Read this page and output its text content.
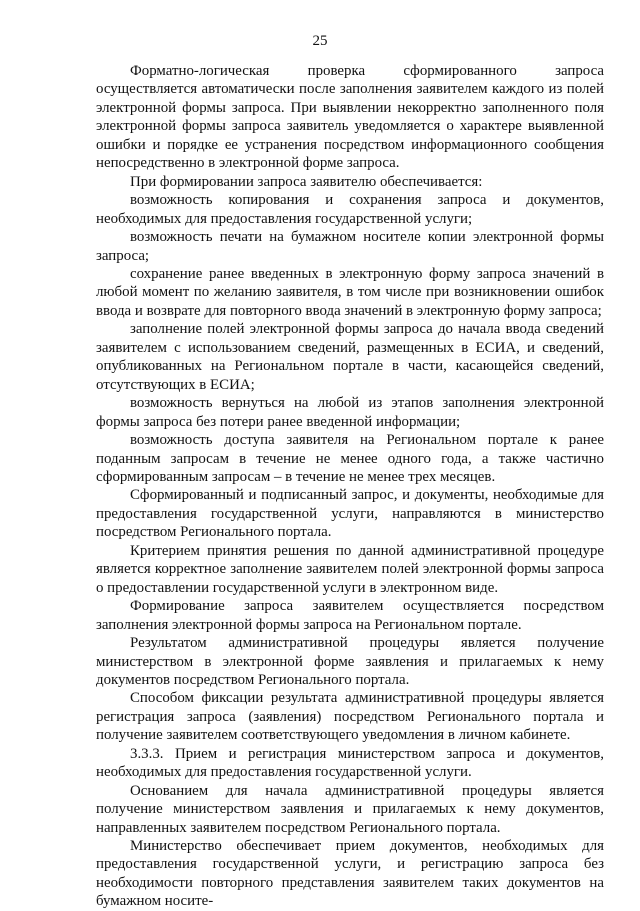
25

Форматно-логическая проверка сформированного запроса осуществляется автоматически после заполнения заявителем каждого из полей электронной формы запроса. При выявлении некорректно заполненного поля электронной формы запроса заявитель уведомляется о характере выявленной ошибки и порядке ее устранения посредством информационного сообщения непосредственно в электронной форме запроса.

При формировании запроса заявителю обеспечивается:

возможность копирования и сохранения запроса и документов, необходимых для предоставления государственной услуги;

возможность печати на бумажном носителе копии электронной формы запроса;

сохранение ранее введенных в электронную форму запроса значений в любой момент по желанию заявителя, в том числе при возникновении ошибок ввода и возврате для повторного ввода значений в электронную форму запроса;

заполнение полей электронной формы запроса до начала ввода сведений заявителем с использованием сведений, размещенных в ЕСИА, и сведений, опубликованных на Региональном портале в части, касающейся сведений, отсутствующих в ЕСИА;

возможность вернуться на любой из этапов заполнения электронной формы запроса без потери ранее введенной информации;

возможность доступа заявителя на Региональном портале к ранее поданным запросам в течение не менее одного года, а также частично сформированным запросам – в течение не менее трех месяцев.

Сформированный и подписанный запрос, и документы, необходимые для предоставления государственной услуги, направляются в министерство посредством Регионального портала.

Критерием принятия решения по данной административной процедуре является корректное заполнение заявителем полей электронной формы запроса о предоставлении государственной услуги в электронном виде.

Формирование запроса заявителем осуществляется посредством заполнения электронной формы запроса на Региональном портале.

Результатом административной процедуры является получение министерством в электронной форме заявления и прилагаемых к нему документов посредством Регионального портала.

Способом фиксации результата административной процедуры является регистрация запроса (заявления) посредством Регионального портала и получение заявителем соответствующего уведомления в личном кабинете.

3.3.3. Прием и регистрация министерством запроса и документов, необходимых для предоставления государственной услуги.

Основанием для начала административной процедуры является получение министерством заявления и прилагаемых к нему документов, направленных заявителем посредством Регионального портала.

Министерство обеспечивает прием документов, необходимых для предоставления государственной услуги, и регистрацию запроса без необходимости повторного представления заявителем таких документов на бумажном носите-
